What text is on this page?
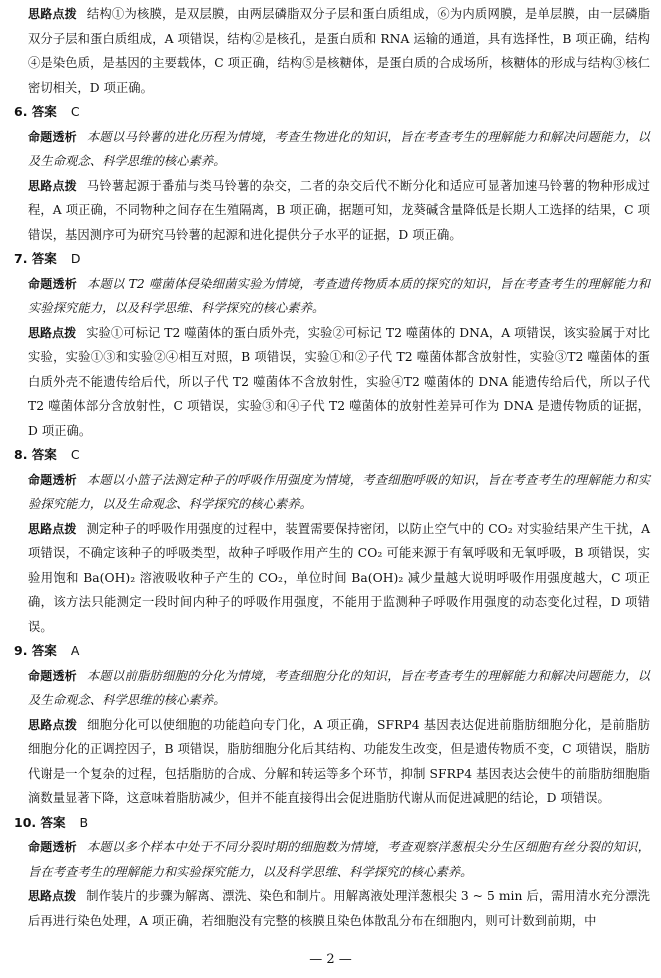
思路点拨 结构①为核膜，是双层膜，由两层磷脂双分子层和蛋白质组成，⑥为内质网膜，是单层膜，由一层磷脂双分子层和蛋白质组成，A 项错误，结构②是核孔，是蛋白质和 RNA 运输的通道，具有选择性，B 项正确，结构④是染色质，是基因的主要载体，C 项正确，结构⑤是核糖体，是蛋白质的合成场所，核糖体的形成与结构③核仁密切相关，D 项正确。

6. 答案 C

命题透析 本题以马铃薯的进化历程为情境，考查生物进化的知识，旨在考查考生的理解能力和解决问题能力，以及生命观念、科学思维的核心素养。

思路点拨 马铃薯起源于番茄与类马铃薯的杂交，二者的杂交后代不断分化和适应可显著加速马铃薯的物种形成过程，A 项正确，不同物种之间存在生殖隔离，B 项正确，据题可知，龙葵碱含量降低是长期人工选择的结果，C 项错误，基因测序可为研究马铃薯的起源和进化提供分子水平的证据，D 项正确。

7. 答案 D

命题透析 本题以 T2 噬菌体侵染细菌实验为情境，考查遗传物质本质的探究的知识，旨在考查考生的理解能力和实验探究能力，以及科学思维、科学探究的核心素养。

思路点拨 实验①可标记 T2 噬菌体的蛋白质外壳，实验②可标记 T2 噬菌体的 DNA，A 项错误，该实验属于对比实验，实验①③和实验②④相互对照，B 项错误，实验①和②子代 T2 噬菌体都含放射性，实验③T2 噬菌体的蛋白质外壳不能遗传给后代，所以子代 T2 噬菌体不含放射性，实验④T2 噬菌体的 DNA 能遗传给后代，所以子代 T2 噬菌体部分含放射性，C 项错误，实验③和④子代 T2 噬菌体的放射性差异可作为 DNA 是遗传物质的证据，D 项正确。

8. 答案 C

命题透析 本题以小篮子法测定种子的呼吸作用强度为情境，考查细胞呼吸的知识，旨在考查考生的理解能力和实验探究能力，以及生命观念、科学探究的核心素养。

思路点拨 测定种子的呼吸作用强度的过程中，装置需要保持密闭，以防止空气中的 CO₂ 对实验结果产生干扰，A 项错误，不确定该种子的呼吸类型，故种子呼吸作用产生的 CO₂ 可能来源于有氧呼吸和无氧呼吸，B 项错误，实验用饱和 Ba(OH)₂ 溶液吸收种子产生的 CO₂，单位时间 Ba(OH)₂ 减少量越大说明呼吸作用强度越大，C 项正确，该方法只能测定一段时间内种子的呼吸作用强度，不能用于监测种子呼吸作用强度的动态变化过程，D 项错误。

9. 答案 A

命题透析 本题以前脂肪细胞的分化为情境，考查细胞分化的知识，旨在考查考生的理解能力和解决问题能力，以及生命观念、科学思维的核心素养。

思路点拨 细胞分化可以使细胞的功能趋向专门化，A 项正确，SFRP4 基因表达促进前脂肪细胞分化，是前脂肪细胞分化的正调控因子，B 项错误，脂肪细胞分化后其结构、功能发生改变，但是遗传物质不变，C 项错误，脂肪代谢是一个复杂的过程，包括脂肪的合成、分解和转运等多个环节，抑制 SFRP4 基因表达会使牛的前脂肪细胞脂滴数量显著下降，这意味着脂肪减少，但并不能直接得出会促进脂肪代谢从而促进减肥的结论，D 项错误。

10. 答案 B

命题透析 本题以多个样本中处于不同分裂时期的细胞数为情境，考查观察洋葱根尖分生区细胞有丝分裂的知识，旨在考查考生的理解能力和实验探究能力，以及科学思维、科学探究的核心素养。

思路点拨 制作装片的步骤为解离、漂洗、染色和制片。用解离液处理洋葱根尖 3 ~ 5 min 后，需用清水充分漂洗后再进行染色处理，A 项正确，若细胞没有完整的核膜且染色体散乱分布在细胞内，则可计数到前期，中

— 2 —
